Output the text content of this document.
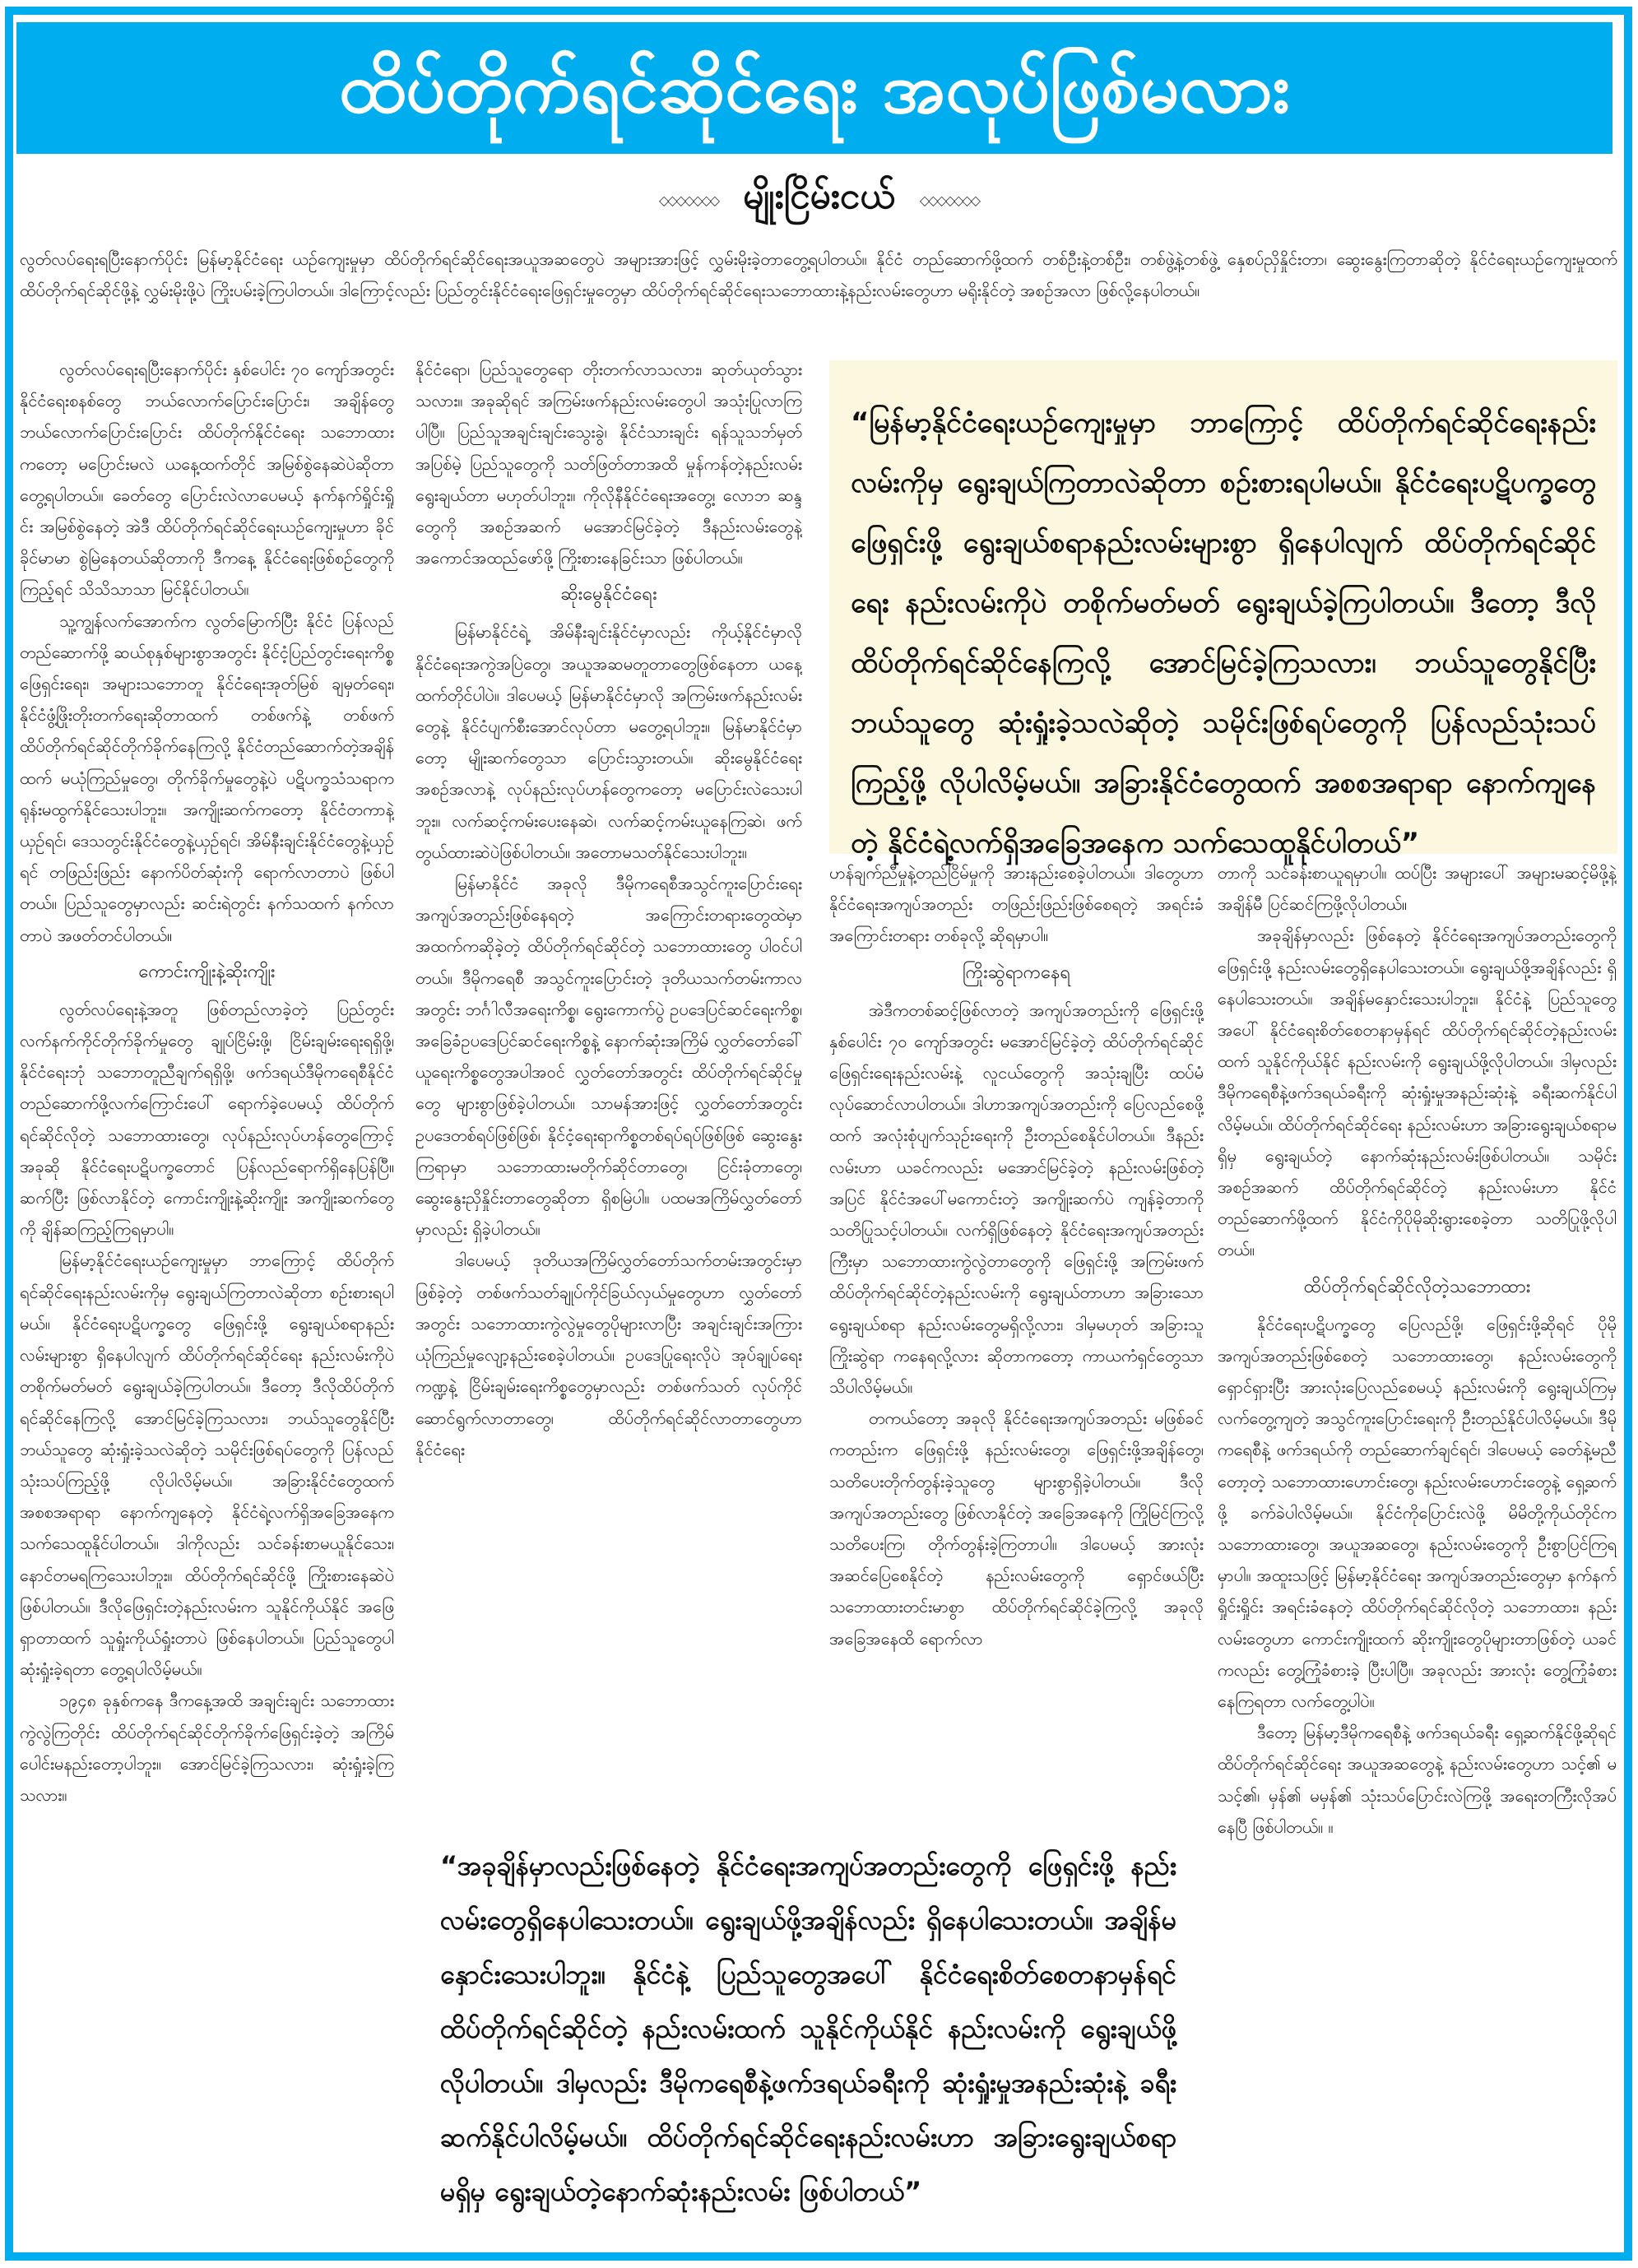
ထိပ်တိုက်ရင်ဆိုင်ရေး အလုပ်ဖြစ်မလား
◇◇◇◇◇◇◇ မျိုးငြိမ်းငယ် ◇◇◇◇◇◇◇

လွတ်လပ်ရေးရပြီးနောက်ပိုင်း မြန်မာ့နိုင်ငံရေး ယဉ်ကျေးမှုမှာ ထိပ်တိုက်ရင်ဆိုင်ရေးအယူအဆတွေပဲ အများအားဖြင့် လွှမ်းမိုးခဲ့တာတွေ့ရပါတယ်။ နိုင်ငံ တည်ဆောက်ဖို့ထက် တစ်ဦးနဲ့တစ်ဦး၊ တစ်ဖွဲ့နဲ့တစ်ဖွဲ့ နှေစပ်ညှိနှိုင်းတာ၊ ဆွေးနွေးကြတာဆိုတဲ့ နိုင်ငံရေးယဉ်ကျေးမှုထက် ထိပ်တိုက်ရင်ဆိုင်ဖို့နဲ့ လွှမ်းမိုးဖို့ပဲ ကြိုးပမ်းခဲ့ကြပါတယ်။ ဒါကြောင့်လည်း ပြည်တွင်းနိုင်ငံရေးဖြေရှင်းမှုတွေမှာ ထိပ်တိုက်ရင်ဆိုင်ရေးသဘောထားနဲ့နည်းလမ်းတွေဟာ မရိုးနိုင်တဲ့ အစဉ်အလာ ဖြစ်လို့နေပါတယ်။

လွတ်လပ်ရေးရပြီးနောက်ပိုင်း နှစ်ပေါင်း ၇၀ ကျော်အတွင်း နိုင်ငံရေးစနစ်တွေ ဘယ်လောက်ပြောင်းပြောင်း၊ အချိန်တွေ ဘယ်လောက်ပြောင်းပြောင်း ထိပ်တိုက်နိုင်ငံရေး သဘောထားကတော့ မပြောင်းမလဲ ယနေ့ထက်တိုင် အမြစ်စွဲနေဆဲပဲဆိုတာ တွေ့ရပါတယ်။ ခေတ်တွေ ပြောင်းလဲလာပေမယ့် နက်နက်ရှိုင်းရှိုင်း အမြစ်စွဲနေတဲ့ အဲဒီ ထိပ်တိုက်ရင်ဆိုင်ရေးယဉ်ကျေးမှုဟာ ခိုင်ခိုင်မာမာ စွဲမြဲနေတယ်ဆိုတာကို ဒီကနေ့ နိုင်ငံရေးဖြစ်စဉ်တွေကိုကြည့်ရင် သိသိသာသာ မြင်နိုင်ပါတယ်။

သူ့ကျွန်လက်အောက်က လွတ်မြောက်ပြီး နိုင်ငံ ပြန်လည်တည်ဆောက်ဖို့ ဆယ်စုနှစ်များစွာအတွင်း နိုင်ငံ့ပြည်တွင်းရေးကိစ္စဖြေရှင်းရေး၊ အများသဘောတူ နိုင်ငံရေးအုတ်မြစ် ချမှတ်ရေး၊ နိုင်ငံဖွံ့ဖြိုးတိုးတက်ရေးဆိုတာထက် တစ်ဖက်နဲ့ တစ်ဖက် ထိပ်တိုက်ရင်ဆိုင်တိုက်ခိုက်နေကြလို့ နိုင်ငံတည်ဆောက်တဲ့အချိန်ထက် မယုံကြည်မှုတွေ၊ တိုက်ခိုက်မှုတွေနဲ့ပဲ ပဋိပက္ခသံသရာက ရုန်းမထွက်နိုင်သေးပါဘူး။ အကျိုးဆက်ကတော့ နိုင်ငံတကာနဲ့ယှဉ်ရင်၊ ဒေသတွင်းနိုင်ငံတွေနဲ့ယှဉ်ရင်၊ အိမ်နီးချင်းနိုင်ငံတွေနဲ့ယှဉ်ရင် တဖြည်းဖြည်း နောက်ပိတ်ဆုံးကို ရောက်လာတာပဲ ဖြစ်ပါတယ်။ ပြည်သူတွေမှာလည်း ဆင်းရဲတွင်း နက်သထက် နက်လာတာပဲ အဖတ်တင်ပါတယ်။

ကောင်းကျိုးနဲ့ဆိုးကျိုး

လွတ်လပ်ရေးနဲ့အတူ ဖြစ်တည်လာခဲ့တဲ့ ပြည်တွင်းလက်နက်ကိုင်တိုက်ခိုက်မှုတွေ ချုပ်ငြိမ်းဖို့၊ ငြိမ်းချမ်းရေးရရှိဖို့၊ နိုင်ငံရေးဘုံ သဘောတူညီချက်ရရှိဖို့၊ ဖက်ဒရယ်ဒီမိုကရေစီနိုင်ငံ တည်ဆောက်ဖို့လက်ကြောင်းပေါ် ရောက်ခဲ့ပေမယ့် ထိပ်တိုက်ရင်ဆိုင်လိုတဲ့ သဘောထားတွေ၊ လုပ်နည်းလုပ်ဟန်တွေကြောင့် အခုဆို နိုင်ငံရေးပဋိပက္ခတောင် ပြန်လည်ရောက်ရှိနေပြန်ပြီ။ ဆက်ပြီး ဖြစ်လာနိုင်တဲ့ ကောင်းကျိုးနဲ့ဆိုးကျိုး အကျိုးဆက်တွေကို ချိန်ဆကြည့်ကြရမှာပါ။

မြန်မာ့နိုင်ငံရေးယဉ်ကျေးမှုမှာ ဘာကြောင့် ထိပ်တိုက်ရင်ဆိုင်ရေးနည်းလမ်းကိုမှ ရွေးချယ်ကြတာလဲဆိုတာ စဉ်းစားရပါမယ်။ နိုင်ငံရေးပဋိပက္ခတွေ ဖြေရှင်းဖို့ ရွေးချယ်စရာနည်းလမ်းများစွာ ရှိနေပါလျက် ထိပ်တိုက်ရင်ဆိုင်ရေး နည်းလမ်းကိုပဲ တစိုက်မတ်မတ် ရွေးချယ်ခဲ့ကြပါတယ်။ ဒီတော့ ဒီလိုထိပ်တိုက်ရင်ဆိုင်နေကြလို့ အောင်မြင်ခဲ့ကြသလား၊ ဘယ်သူတွေနိုင်ပြီး ဘယ်သူတွေ ဆုံးရှုံးခဲ့သလဲဆိုတဲ့ သမိုင်းဖြစ်ရပ်တွေကို ပြန်လည်သုံးသပ်ကြည့်ဖို့ လိုပါလိမ့်မယ်။ အခြားနိုင်ငံတွေထက် အစစအရာရာ နောက်ကျနေတဲ့ နိုင်ငံရဲ့လက်ရှိအခြေအနေက သက်သေထူနိုင်ပါတယ်။ ဒါကိုလည်း သင်ခန်းစာမယူနိုင်သေး၊ နောင်တမရကြသေးပါဘူး။ ထိပ်တိုက်ရင်ဆိုင်ဖို့ ကြိုးစားနေဆဲပဲ ဖြစ်ပါတယ်။ ဒီလိုဖြေရှင်းတဲ့နည်းလမ်းက သူနိုင်ကိုယ်နိုင် အဖြေရှာတာထက် သူရှုံးကိုယ်ရှုံးတာပဲ ဖြစ်နေပါတယ်။ ပြည်သူတွေပါ ဆုံးရှုံးခဲ့ရတာ တွေ့ရပါလိမ့်မယ်။

၁၉၄၈ ခုနှစ်ကနေ ဒီကနေ့အထိ အချင်းချင်း သဘောထားကွဲလွဲကြတိုင်း ထိပ်တိုက်ရင်ဆိုင်တိုက်ခိုက်ဖြေရှင်းခဲ့တဲ့ အကြိမ်ပေါင်းမနည်းတော့ပါဘူး။ အောင်မြင်ခဲ့ကြသလား၊ ဆုံးရှုံးခဲ့ကြသလား။

နိုင်ငံရော၊ ပြည်သူတွေရော တိုးတက်လာသလား၊ ဆုတ်ယုတ်သွားသလား။ အခုဆိုရင် အကြမ်းဖက်နည်းလမ်းတွေပါ အသုံးပြုလာကြပါပြီ။ ပြည်သူအချင်းချင်းသွေးခွဲ၊ နိုင်ငံသားချင်း ရန်သူသဘ်မှတ် အပြစ်မဲ့ ပြည်သူတွေကို သတ်ဖြတ်တာအထိ မှုန်ကန်တဲ့နည်းလမ်းရွေးချယ်တာ မဟုတ်ပါဘူး။ ကိုလိုနီနိုင်ငံရေးအတွေ့၊ လောဘ ဆန္ဒတွေကို အစဉ်အဆက် မအောင်မြင်ခဲ့တဲ့ ဒီနည်းလမ်းတွေနဲ့ အကောင်အထည်ဖော်ဖို့ ကြိုးစားနေခြင်းသာ ဖြစ်ပါတယ်။

ဆိုးမွေနိုင်ငံရေး

မြန်မာနိုင်ငံရဲ့ အိမ်နီးချင်းနိုင်ငံမှာလည်း ကိုယ့်နိုင်ငံမှာလို နိုင်ငံရေးအကွဲအပြဲတွေ၊ အယူအဆမတူတာတွေဖြစ်နေတာ ယနေ့ထက်တိုင်ပါပဲ။ ဒါပေမယ့် မြန်မာနိုင်ငံမှာလို အကြမ်းဖက်နည်းလမ်းတွေနဲ့ နိုင်ငံပျက်စီးအောင်လုပ်တာ မတွေ့ရပါဘူး။ မြန်မာနိုင်ငံမှာတော့ မျိုးဆက်တွေသာ ပြောင်းသွားတယ်။ ဆိုးမွေနိုင်ငံရေး အစဉ်အလာနဲ့ လုပ်နည်းလုပ်ဟန်တွေကတော့ မပြောင်းလဲသေးပါဘူး။ လက်ဆင့်ကမ်းပေးနေဆဲ၊ လက်ဆင့်ကမ်းယူနေကြဆဲ၊ ဖက်တွယ်ထားဆဲပဲဖြစ်ပါတယ်။ အတောမသတ်နိုင်သေးပါဘူး။

မြန်မာနိုင်ငံ အခုလို ဒီမိုကရေစီအသွင်ကူးပြောင်းရေးအကျပ်အတည်းဖြစ်နေရတဲ့ အကြောင်းတရားတွေထဲမှာ အထက်ကဆိုခဲ့တဲ့ ထိပ်တိုက်ရင်ဆိုင်တဲ့ သဘောထားတွေ ပါဝင်ပါတယ်။ ဒီမိုကရေစီ အသွင်ကူးပြောင်းတဲ့ ဒုတိယသက်တမ်းကာလအတွင်း ဘင်္ဂါလီအရေးကိစ္စ၊ ရွေးကောက်ပွဲ ဥပဒေပြင်ဆင်ရေးကိစ္စ၊ အခြေခံဥပဒေပြင်ဆင်ရေးကိစ္စနဲ့ နောက်ဆုံးအကြိမ် လွှတ်တော်ခေါ်ယူရေးကိစ္စတွေအပါအဝင် လွှတ်တော်အတွင်း ထိပ်တိုက်ရင်ဆိုင်မှုတွေ များစွာဖြစ်ခဲ့ပါတယ်။ သာမန်အားဖြင့် လွှတ်တော်အတွင်း ဥပဒေတစ်ရပ်ဖြစ်ဖြစ်၊ နိုင်ငံ့ရေးရာကိစ္စတစ်ရပ်ရပ်ဖြစ်ဖြစ် ဆွေးနွေးကြရာမှာ သဘောထားမတိုက်ဆိုင်တာတွေ၊ ငြင်းခုံတာတွေ၊ ဆွေးနွေးညှိနှိုင်းတာတွေဆိုတာ ရှိစမြဲပါ။ ပထမအကြိမ်လွှတ်တော်မှာလည်း ရှိခဲ့ပါတယ်။

ဒါပေမယ့် ဒုတိယအကြိမ်လွှတ်တော်သက်တမ်းအတွင်းမှာဖြစ်ခဲ့တဲ့ တစ်ဖက်သတ်ချုပ်ကိုင်ခြယ်လှယ်မှုတွေဟာ လွှတ်တော်အတွင်း သဘောထားကွဲလွဲမှုတွေပိုများလာပြီး အချင်းချင်းအကြား ယုံကြည်မှုလျော့နည်းစေခဲ့ပါတယ်။ ဥပဒေပြုရေးလိုပဲ အုပ်ချုပ်ရေးကဏ္ဍနဲ့ ငြိမ်းချမ်းရေးကိစ္စတွေမှာလည်း တစ်ဖက်သတ် လုပ်ကိုင်ဆောင်ရွက်လာတာတွေ၊ ထိပ်တိုက်ရင်ဆိုင်လာတာတွေဟာ နိုင်ငံရေး

“မြန်မာ့နိုင်ငံရေးယဉ်ကျေးမှုမှာ ဘာကြောင့် ထိပ်တိုက်ရင်ဆိုင်ရေးနည်းလမ်းကိုမှ ရွေးချယ်ကြတာလဲဆိုတာ စဉ်းစားရပါမယ်။ နိုင်ငံရေးပဋိပက္ခတွေ ဖြေရှင်းဖို့ ရွေးချယ်စရာနည်းလမ်းများစွာ ရှိနေပါလျက် ထိပ်တိုက်ရင်ဆိုင်ရေး နည်းလမ်းကိုပဲ တစိုက်မတ်မတ် ရွေးချယ်ခဲ့ကြပါတယ်။ ဒီတော့ ဒီလိုထိပ်တိုက်ရင်ဆိုင်နေကြလို့ အောင်မြင်ခဲ့ကြသလား၊ ဘယ်သူတွေနိုင်ပြီး ဘယ်သူတွေ ဆုံးရှုံးခဲ့သလဲဆိုတဲ့ သမိုင်းဖြစ်ရပ်တွေကို ပြန်လည်သုံးသပ်ကြည့်ဖို့ လိုပါလိမ့်မယ်။ အခြားနိုင်ငံတွေထက် အစစအရာရာ နောက်ကျနေတဲ့ နိုင်ငံရဲ့လက်ရှိအခြေအနေက သက်သေထူနိုင်ပါတယ်”

ဟန်ချက်ညီမှုနဲ့တည်ငြိမ်မှုကို အားနည်းစေခဲ့ပါတယ်။ ဒါတွေဟာ နိုင်ငံရေးအကျပ်အတည်း တဖြည်းဖြည်းဖြစ်စေရတဲ့ အရင်းခံအကြောင်းတရား တစ်ခုလို့ ဆိုရမှာပါ။

ကြိုးဆွဲရာကနေရ

အဲဒီကတစ်ဆင့်ဖြစ်လာတဲ့ အကျပ်အတည်းကို ဖြေရှင်းဖို့ နှစ်ပေါင်း ၇၀ ကျော်အတွင်း မအောင်မြင်ခဲ့တဲ့ ထိပ်တိုက်ရင်ဆိုင်ဖြေရှင်းရေးနည်းလမ်းနဲ့ လူငယ်တွေကို အသုံးချပြီး ထပ်မံလုပ်ဆောင်လာပါတယ်။ ဒါဟာအကျပ်အတည်းကို ပြေလည်စေဖို့ထက် အလုံးစုံပျက်သုဉ်းရေးကို ဦးတည်စေနိုင်ပါတယ်။ ဒီနည်းလမ်းဟာ ယခင်ကလည်း မအောင်မြင်ခဲ့တဲ့ နည်းလမ်းဖြစ်တဲ့အပြင် နိုင်ငံအပေါ်မကောင်းတဲ့ အကျိုးဆက်ပဲ ကျန်ခဲ့တာကို သတိပြုသင့်ပါတယ်။ လက်ရှိဖြစ်နေတဲ့ နိုင်ငံရေးအကျပ်အတည်းကြီးမှာ သဘောထားကွဲလွဲတာတွေကို ဖြေရှင်းဖို့ အကြမ်းဖက်ထိပ်တိုက်ရင်ဆိုင်တဲ့နည်းလမ်းကို ရွေးချယ်တာဟာ အခြားသော ရွေးချယ်စရာ နည်းလမ်းတွေမရှိလို့လား၊ ဒါမှမဟုတ် အခြားသူ ကြိုးဆွဲရာ ကနေရလို့လား ဆိုတာကတော့ ကာယကံရှင်တွေသာ သိပါလိမ့်မယ်။

တကယ်တော့ အခုလို နိုင်ငံရေးအကျပ်အတည်း မဖြစ်ခင်ကတည်းက ဖြေရှင်းဖို့ နည်းလမ်းတွေ၊ ဖြေရှင်းဖို့အချိန်တွေ၊ သတိပေးတိုက်တွန်းခဲ့သူတွေ များစွာရှိခဲ့ပါတယ်။ ဒီလိုအကျပ်အတည်းတွေ ဖြစ်လာနိုင်တဲ့ အခြေအနေကို ကြိုမြင်ကြလို့ သတိပေးကြ၊ တိုက်တွန်းခဲ့ကြတာပါ။ ဒါပေမယ့် အားလုံးအဆင်ပြေစေနိုင်တဲ့ နည်းလမ်းတွေကို ရှောင်ဖယ်ပြီး သဘောထားတင်းမာစွာ ထိပ်တိုက်ရင်ဆိုင်ခဲ့ကြလို့ အခုလိုအခြေအနေထိ ရောက်လာ

တာကို သင်ခန်းစာယူရမှာပါ။ ထပ်ပြီး အများပေါ် အများမဆင့်မိဖို့နဲ့ အချိန်မီ ပြင်ဆင်ကြဖို့လိုပါတယ်။

အခုချိန်မှာလည်း ဖြစ်နေတဲ့ နိုင်ငံရေးအကျပ်အတည်းတွေကို ဖြေရှင်းဖို့ နည်းလမ်းတွေရှိနေပါသေးတယ်။ ရွေးချယ်ဖို့အချိန်လည်း ရှိနေပါသေးတယ်။ အချိန်မနှောင်းသေးပါဘူး။ နိုင်ငံနဲ့ ပြည်သူတွေအပေါ် နိုင်ငံရေးစိတ်စေတနာမှန်ရင် ထိပ်တိုက်ရင်ဆိုင်တဲ့နည်းလမ်းထက် သူနိုင်ကိုယ်နိုင် နည်းလမ်းကို ရွေးချယ်ဖို့လိုပါတယ်။ ဒါမှလည်း ဒီမိုကရေစီနဲ့ဖက်ဒရယ်ခရီးကို ဆုံးရှုံးမှုအနည်းဆုံးနဲ့ ခရီးဆက်နိုင်ပါလိမ့်မယ်။ ထိပ်တိုက်ရင်ဆိုင်ရေး နည်းလမ်းဟာ အခြားရွေးချယ်စရာမရှိမှ ရွေးချယ်တဲ့ နောက်ဆုံးနည်းလမ်းဖြစ်ပါတယ်။ သမိုင်းအစဉ်အဆက် ထိပ်တိုက်ရင်ဆိုင်တဲ့ နည်းလမ်းဟာ နိုင်ငံတည်ဆောက်ဖို့ထက် နိုင်ငံကိုပိုမိုဆိုးရွားစေခဲ့တာ သတိပြုဖို့လိုပါတယ်။

ထိပ်တိုက်ရင်ဆိုင်လိုတဲ့သဘောထား

နိုင်ငံရေးပဋိပက္ခတွေ ပြေလည်ဖို့၊ ဖြေရှင်းဖို့ဆိုရင် ပိုမိုအကျပ်အတည်းဖြစ်စေတဲ့ သဘောထားတွေ၊ နည်းလမ်းတွေကို ရှောင်ရှားပြီး အားလုံးပြေလည်စေမယ့် နည်းလမ်းကို ရွေးချယ်ကြမှ လက်တွေ့ကျတဲ့ အသွင်ကူးပြောင်းရေးကို ဦးတည်နိုင်ပါလိမ့်မယ်။ ဒီမိုကရေစီနဲ့ ဖက်ဒရယ်ကို တည်ဆောက်ချင်ရင်၊ ဒါပေမယ့် ခေတ်နဲ့မညီတော့တဲ့ သဘောထားဟောင်းတွေ၊ နည်းလမ်းဟောင်းတွေနဲ့ ရှေ့ဆက်ဖို့ ခက်ခဲပါလိမ့်မယ်။ နိုင်ငံကိုပြောင်းလဲဖို့ မိမိတို့ကိုယ်တိုင်က သဘောထားတွေ၊ အယူအဆတွေ၊ နည်းလမ်းတွေကို ဦးစွာပြင်ကြရမှာပါ။ အထူးသဖြင့် မြန်မာ့နိုင်ငံရေး အကျပ်အတည်းတွေမှာ နက်နက်ရှိုင်းရှိုင်း အရင်းခံနေတဲ့ ထိပ်တိုက်ရင်ဆိုင်လိုတဲ့ သဘောထား၊ နည်းလမ်းတွေဟာ ကောင်းကျိုးထက် ဆိုးကျိုးတွေပိုများတာဖြစ်တဲ့ ယခင်ကလည်း တွေ့ကြုံခံစားခဲ့ ပြီးပါပြီ။ အခုလည်း အားလုံး တွေ့ကြုံခံစားနေကြရတာ လက်တွေ့ပါပဲ။

ဒီတော့ မြန်မာ့ဒီမိုကရေစီနဲ့ ဖက်ဒရယ်ခရီး ရှေ့ဆက်နိုင်ဖို့ဆိုရင် ထိပ်တိုက်ရင်ဆိုင်ရေး အယူအဆတွေနဲ့ နည်းလမ်းတွေဟာ သင့်၏ မသင့်၏၊ မှန်၏ မမှန်၏ သုံးသပ်ပြောင်းလဲကြဖို့ အရေးတကြီးလိုအပ်နေပြီ ဖြစ်ပါတယ်။ ။

“အခုချိန်မှာလည်းဖြစ်နေတဲ့ နိုင်ငံရေးအကျပ်အတည်းတွေကို ဖြေရှင်းဖို့ နည်းလမ်းတွေရှိနေပါသေးတယ်။ ရွေးချယ်ဖို့အချိန်လည်း ရှိနေပါသေးတယ်။ အချိန်မနှောင်းသေးပါဘူး။ နိုင်ငံနဲ့ ပြည်သူတွေအပေါ် နိုင်ငံရေးစိတ်စေတနာမှန်ရင် ထိပ်တိုက်ရင်ဆိုင်တဲ့ နည်းလမ်းထက် သူနိုင်ကိုယ်နိုင် နည်းလမ်းကို ရွေးချယ်ဖို့ လိုပါတယ်။ ဒါမှလည်း ဒီမိုကရေစီနဲ့ဖက်ဒရယ်ခရီးကို ဆုံးရှုံးမှုအနည်းဆုံးနဲ့ ခရီးဆက်နိုင်ပါလိမ့်မယ်။ ထိပ်တိုက်ရင်ဆိုင်ရေးနည်းလမ်းဟာ အခြားရွေးချယ်စရာ မရှိမှ ရွေးချယ်တဲ့နောက်ဆုံးနည်းလမ်း ဖြစ်ပါတယ်”
